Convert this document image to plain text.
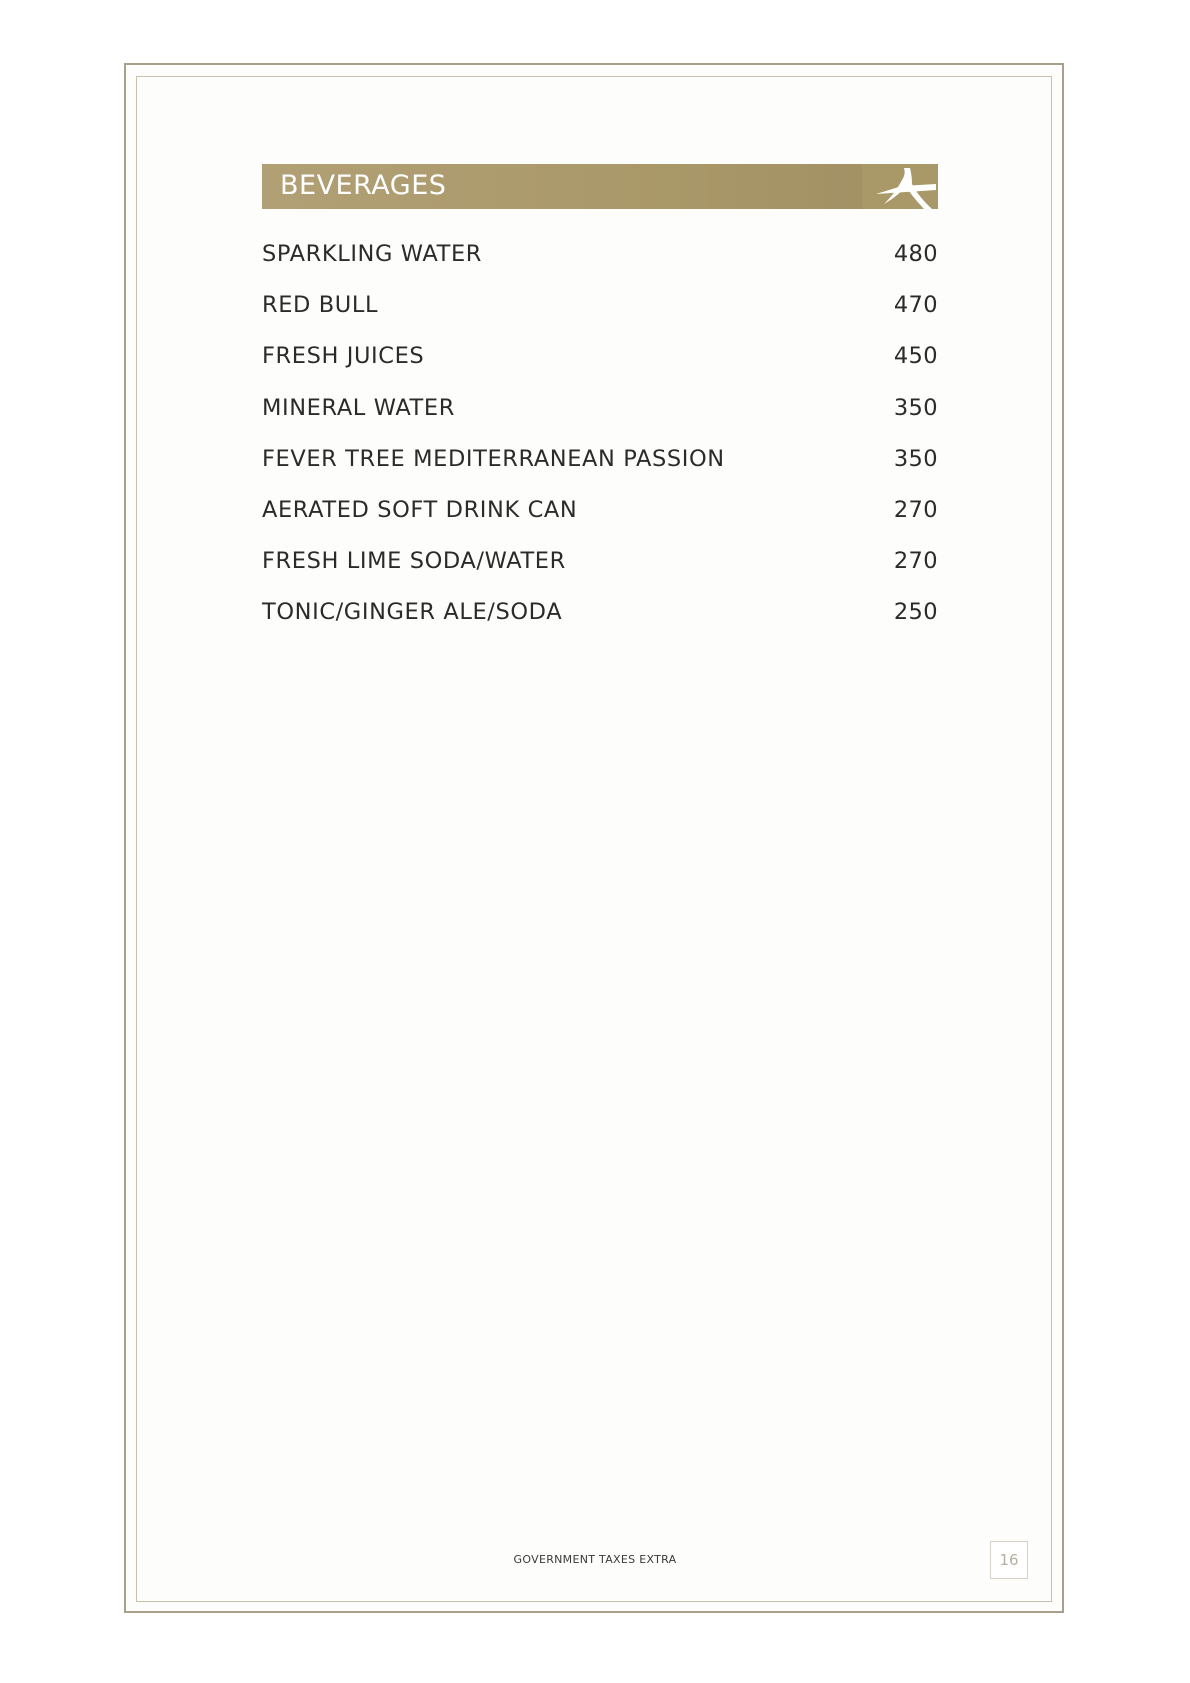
BEVERAGES
SPARKLING WATER	480
RED BULL	470
FRESH JUICES	450
MINERAL WATER	350
FEVER TREE MEDITERRANEAN PASSION	350
AERATED SOFT DRINK CAN	270
FRESH LIME SODA/WATER	270
TONIC/GINGER ALE/SODA	250
GOVERNMENT TAXES EXTRA	16
